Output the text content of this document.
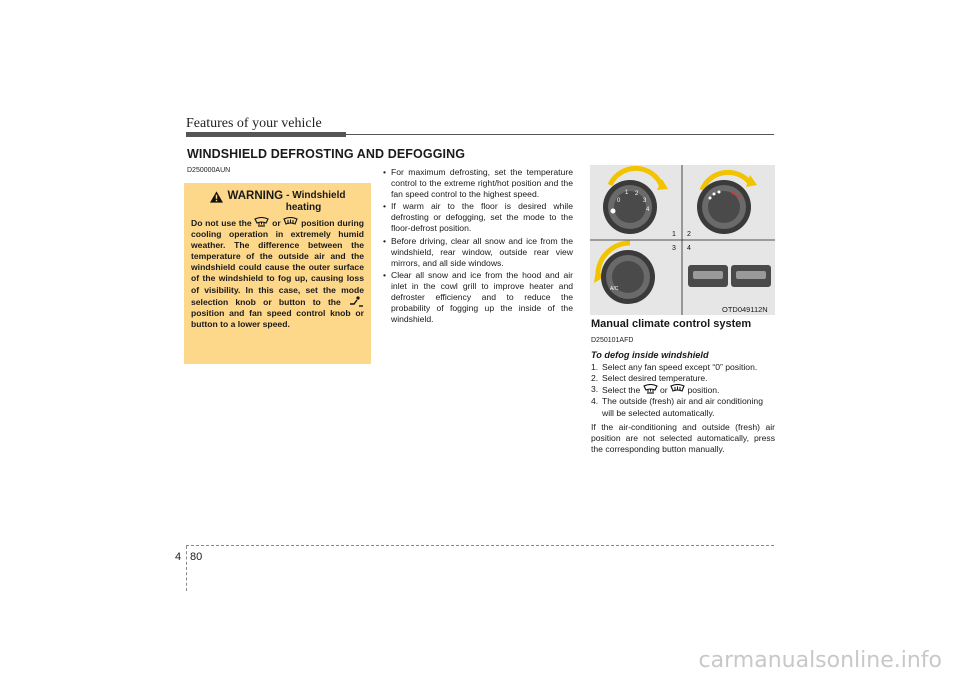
Features of your vehicle
WINDSHIELD DEFROSTING AND DEFOGGING
D250000AUN
WARNING - Windshield
heating
Do not use the or position during cooling operation in extremely humid weather. The difference between the temperature of the outside air and the windshield could cause the outer surface of the windshield to fog up, causing loss of visibility. In this case, set the mode selection knob or button to the  position and fan speed control knob or button to a lower speed.
• For maximum defrosting, set the temperature control to the extreme right/hot position and the fan speed control to the highest speed.
• If warm air to the floor is desired while defrosting or defogging, set the mode to the floor-defrost position.
• Before driving, clear all snow and ice from the windshield, rear window, outside rear view mirrors, and all side windows.
• Clear all snow and ice from the hood and air inlet in the cowl grill to improve heater and defroster efficiency and to reduce the probability of fogging up the inside of the windshield.
0
1 2
3
4
A/C
1 2
3 4
OTD049112N
Manual climate control system
D250101AFD
To defog inside windshield
1. Select any fan speed except “0” position.
2. Select desired temperature.
3. Select the or position.
4. The outside (fresh) air and air conditioning will be selected automatically.
If the air-conditioning and outside (fresh) air position are not selected automatically, press the corresponding button manually.
4 80
carmanualsonline.info
